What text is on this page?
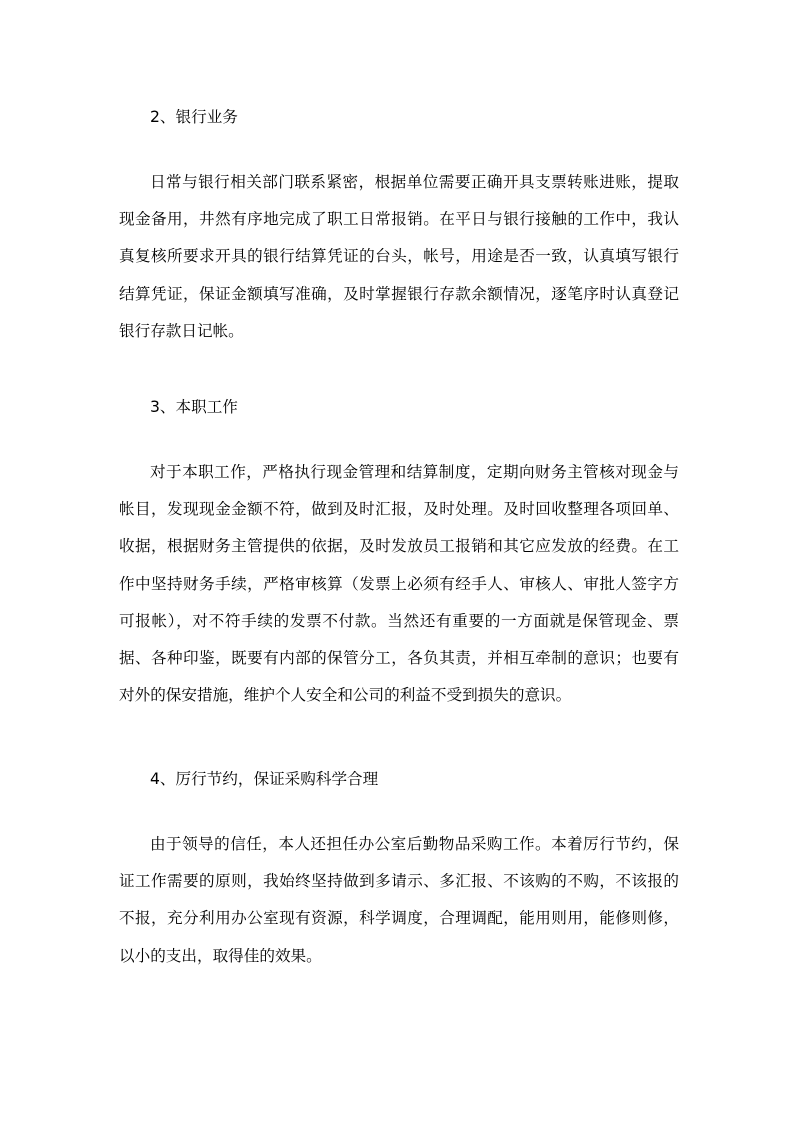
2、银行业务
日常与银行相关部门联系紧密，根据单位需要正确开具支票转账进账，提取
现金备用，井然有序地完成了职工日常报销。在平日与银行接触的工作中，我认
真复核所要求开具的银行结算凭证的台头，帐号，用途是否一致，认真填写银行
结算凭证，保证金额填写准确，及时掌握银行存款余额情况，逐笔序时认真登记
银行存款日记帐。
3、本职工作
对于本职工作，严格执行现金管理和结算制度，定期向财务主管核对现金与
帐目，发现现金金额不符，做到及时汇报，及时处理。及时回收整理各项回单、
收据，根据财务主管提供的依据，及时发放员工报销和其它应发放的经费。在工
作中坚持财务手续，严格审核算（发票上必须有经手人、审核人、审批人签字方
可报帐），对不符手续的发票不付款。当然还有重要的一方面就是保管现金、票
据、各种印鉴，既要有内部的保管分工，各负其责，并相互牵制的意识；也要有
对外的保安措施，维护个人安全和公司的利益不受到损失的意识。
4、厉行节约，保证采购科学合理
由于领导的信任，本人还担任办公室后勤物品采购工作。本着厉行节约，保
证工作需要的原则，我始终坚持做到多请示、多汇报、不该购的不购，不该报的
不报，充分利用办公室现有资源，科学调度，合理调配，能用则用，能修则修，
以小的支出，取得佳的效果。
